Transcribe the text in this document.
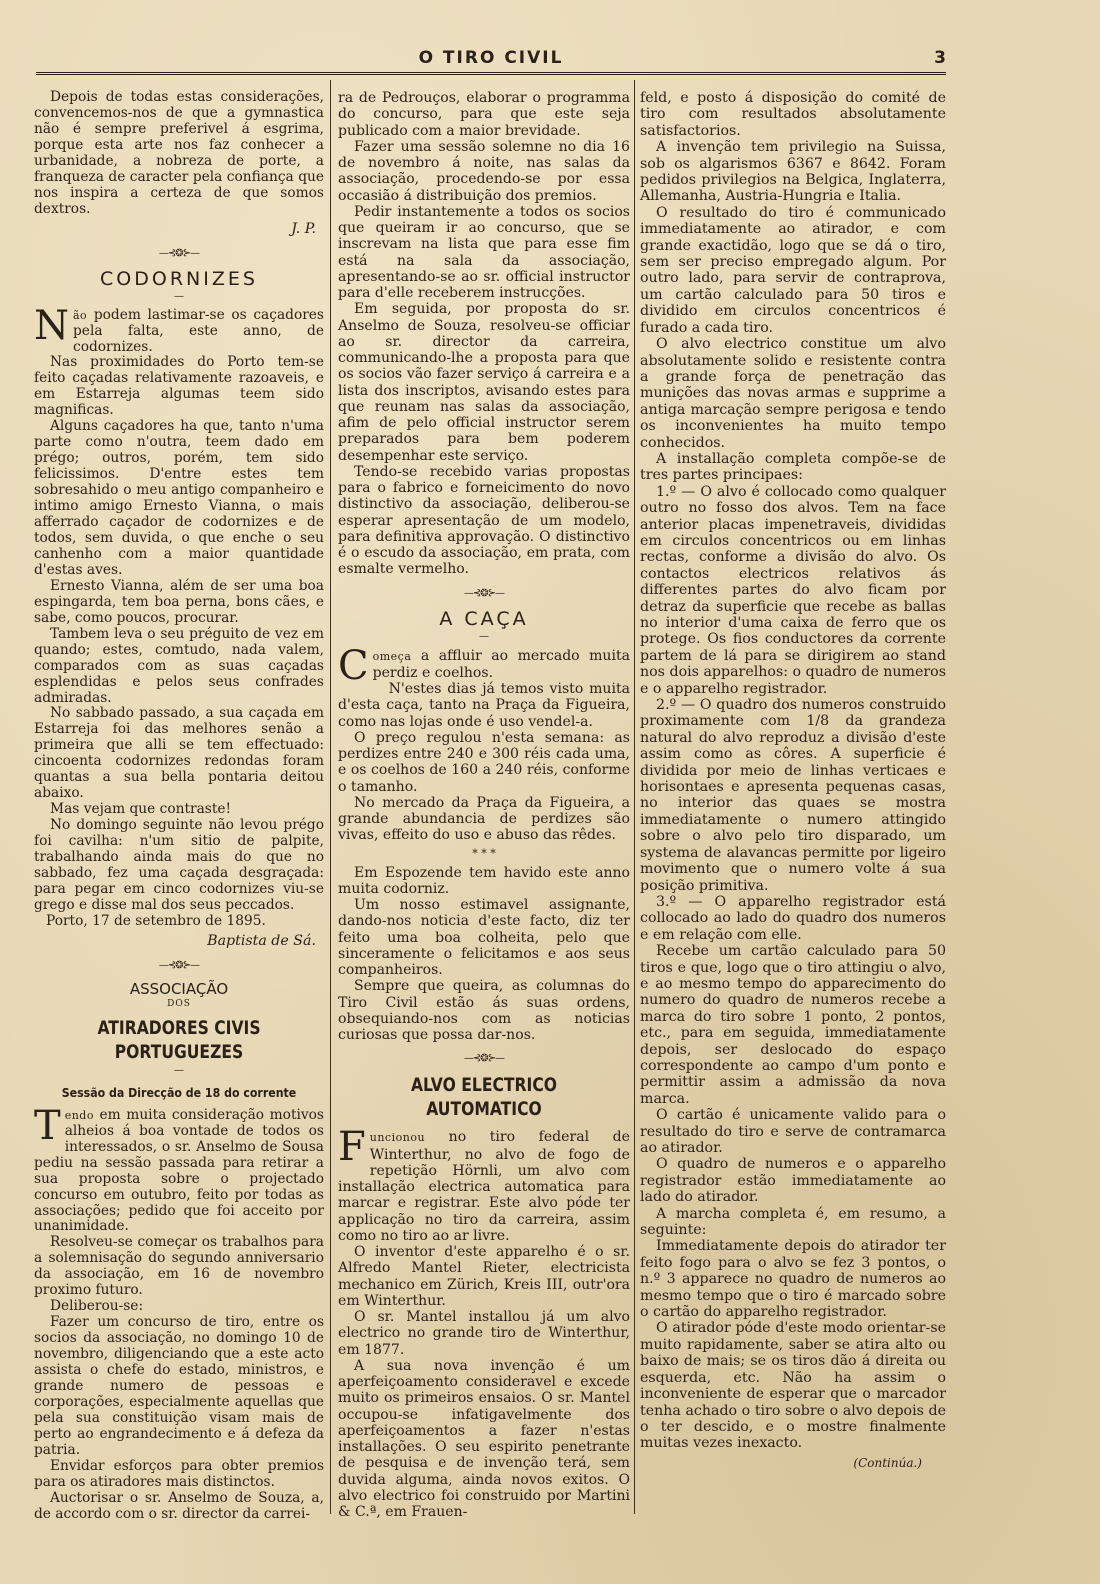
O TIRO CIVIL	3

Depois de todas estas considerações, convencemos-nos de que a gymnastica não é sempre preferivel á esgrima, porque esta arte nos faz conhecer a urbanidade, a nobreza de porte, a franqueza de caracter pela confiança que nos inspira a certeza de que somos dextros.

J. P.
—⊰❂⊱—
CODORNIZES
—

Não podem lastimar-se os caçadores pela falta, este anno, de codornizes.

Nas proximidades do Porto tem-se feito caçadas relativamente razoaveis, e em Estarreja algumas teem sido magnificas.

Alguns caçadores ha que, tanto n'uma parte como n'outra, teem dado em prégo; outros, porém, tem sido felicissimos. D'entre estes tem sobresahido o meu antigo companheiro e intimo amigo Ernesto Vianna, o mais afferrado caçador de codornizes e de todos, sem duvida, o que enche o seu canhenho com a maior quantidade d'estas aves.

Ernesto Vianna, além de ser uma boa espingarda, tem boa perna, bons cães, e sabe, como poucos, procurar.

Tambem leva o seu préguito de vez em quando; estes, comtudo, nada valem, comparados com as suas caçadas esplendidas e pelos seus confrades admiradas.

No sabbado passado, a sua caçada em Estarreja foi das melhores senão a primeira que alli se tem effectuado: cincoenta codornizes redondas foram quantas a sua bella pontaria deitou abaixo.

Mas vejam que contraste!

No domingo seguinte não levou prégo foi cavilha: n'um sitio de palpite, trabalhando ainda mais do que no sabbado, fez uma caçada desgraçada: para pegar em cinco codornizes viu-se grego e disse mal dos seus peccados.

Porto, 17 de setembro de 1895.

Baptista de Sá.
—⊰❂⊱—
ASSOCIAÇÃO
DOS
ATIRADORES CIVIS PORTUGUEZES
—
Sessão da Direcção de 18 do corrente

Tendo em muita consideração motivos alheios á boa vontade de todos os interessados, o sr. Anselmo de Sousa pediu na sessão passada para retirar a sua proposta sobre o projectado concurso em outubro, feito por todas as associações; pedido que foi acceito por unanimidade.

Resolveu-se começar os trabalhos para a solemnisação do segundo anniversario da associação, em 16 de novembro proximo futuro.

Deliberou-se:

Fazer um concurso de tiro, entre os socios da associação, no domingo 10 de novembro, diligenciando que a este acto assista o chefe do estado, ministros, e grande numero de pessoas e corporações, especialmente aquellas que pela sua constituição visam mais de perto ao engrandecimento e á defeza da patria.

Envidar esforços para obter premios para os atiradores mais distinctos.

Auctorisar o sr. Anselmo de Souza, a, de accordo com o sr. director da carrei-

ra de Pedrouços, elaborar o programma do concurso, para que este seja publicado com a maior brevidade.

Fazer uma sessão solemne no dia 16 de novembro á noite, nas salas da associação, procedendo-se por essa occasião á distribuição dos premios.

Pedir instantemente a todos os socios que queiram ir ao concurso, que se inscrevam na lista que para esse fim está na sala da associação, apresentando-se ao sr. official instructor para d'elle receberem instrucções.

Em seguida, por proposta do sr. Anselmo de Souza, resolveu-se officiar ao sr. director da carreira, communicando-lhe a proposta para que os socios vão fazer serviço á carreira e a lista dos inscriptos, avisando estes para que reunam nas salas da associação, afim de pelo official instructor serem preparados para bem poderem desempenhar este serviço.

Tendo-se recebido varias propostas para o fabrico e forneicimento do novo distinctivo da associação, deliberou-se esperar apresentação de um modelo, para definitiva approvação. O distinctivo é o escudo da associação, em prata, com esmalte vermelho.

—⊰❂⊱—
A CAÇA
—

Começa a affluir ao mercado muita perdiz e coelhos.

N'estes dias já temos visto muita d'esta caça, tanto na Praça da Figueira, como nas lojas onde é uso vendel-a.

O preço regulou n'esta semana: as perdizes entre 240 e 300 réis cada uma, e os coelhos de 160 a 240 réis, conforme o tamanho.

No mercado da Praça da Figueira, a grande abundancia de perdizes são vivas, effeito do uso e abuso das rêdes.

* * *

Em Espozende tem havido este anno muita codorniz.

Um nosso estimavel assignante, dando-nos noticia d'este facto, diz ter feito uma boa colheita, pelo que sinceramente o felicitamos e aos seus companheiros.

Sempre que queira, as columnas do Tiro Civil estão ás suas ordens, obsequiando-nos com as noticias curiosas que possa dar-nos.

—⊰❂⊱—
ALVO ELECTRICO AUTOMATICO

Funcionou no tiro federal de Winterthur, no alvo de fogo de repetição Hörnli, um alvo com installação electrica automatica para marcar e registrar. Este alvo póde ter applicação no tiro da carreira, assim como no tiro ao ar livre.

O inventor d'este apparelho é o sr. Alfredo Mantel Rieter, electricista mechanico em Zürich, Kreis III, outr'ora em Winterthur.

O sr. Mantel installou já um alvo electrico no grande tiro de Winterthur, em 1877.

A sua nova invenção é um aperfeiçoamento consideravel e excede muito os primeiros ensaios. O sr. Mantel occupou-se infatigavelmente dos aperfeiçoamentos a fazer n'estas installações. O seu espirito penetrante de pesquisa e de invenção terá, sem duvida alguma, ainda novos exitos. O alvo electrico foi construido por Martini & C.ª, em Frauen-

feld, e posto á disposição do comité de tiro com resultados absolutamente satisfactorios.

A invenção tem privilegio na Suissa, sob os algarismos 6367 e 8642. Foram pedidos privilegios na Belgica, Inglaterra, Allemanha, Austria-Hungria e Italia.

O resultado do tiro é communicado immediatamente ao atirador, e com grande exactidão, logo que se dá o tiro, sem ser preciso empregado algum. Por outro lado, para servir de contraprova, um cartão calculado para 50 tiros e dividido em circulos concentricos é furado a cada tiro.

O alvo electrico constitue um alvo absolutamente solido e resistente contra a grande força de penetração das munições das novas armas e supprime a antiga marcação sempre perigosa e tendo os inconvenientes ha muito tempo conhecidos.

A installação completa compõe-se de tres partes principaes:

1.º — O alvo é collocado como qualquer outro no fosso dos alvos. Tem na face anterior placas impenetraveis, divididas em circulos concentricos ou em linhas rectas, conforme a divisão do alvo. Os contactos electricos relativos ás differentes partes do alvo ficam por detraz da superficie que recebe as ballas no interior d'uma caixa de ferro que os protege. Os fios conductores da corrente partem de lá para se dirigirem ao stand nos dois apparelhos: o quadro de numeros e o apparelho registrador.

2.º — O quadro dos numeros construido proximamente com 1/8 da grandeza natural do alvo reproduz a divisão d'este assim como as côres. A superficie é dividida por meio de linhas verticaes e horisontaes e apresenta pequenas casas, no interior das quaes se mostra immediatamente o numero attingido sobre o alvo pelo tiro disparado, um systema de alavancas permitte por ligeiro movimento que o numero volte á sua posição primitiva.

3.º — O apparelho registrador está collocado ao lado do quadro dos numeros e em relação com elle.

Recebe um cartão calculado para 50 tiros e que, logo que o tiro attingiu o alvo, e ao mesmo tempo do apparecimento do numero do quadro de numeros recebe a marca do tiro sobre 1 ponto, 2 pontos, etc., para em seguida, immediatamente depois, ser deslocado do espaço correspondente ao campo d'um ponto e permittir assim a admissão da nova marca.

O cartão é unicamente valido para o resultado do tiro e serve de contramarca ao atirador.

O quadro de numeros e o apparelho registrador estão immediatamente ao lado do atirador.

A marcha completa é, em resumo, a seguinte:

Immediatamente depois do atirador ter feito fogo para o alvo se fez 3 pontos, o n.º 3 apparece no quadro de numeros ao mesmo tempo que o tiro é marcado sobre o cartão do apparelho registrador.

O atirador póde d'este modo orientar-se muito rapidamente, saber se atira alto ou baixo de mais; se os tiros dão á direita ou esquerda, etc. Não ha assim o inconveniente de esperar que o marcador tenha achado o tiro sobre o alvo depois de o ter descido, e o mostre finalmente muitas vezes inexacto.

(Continúa.)
